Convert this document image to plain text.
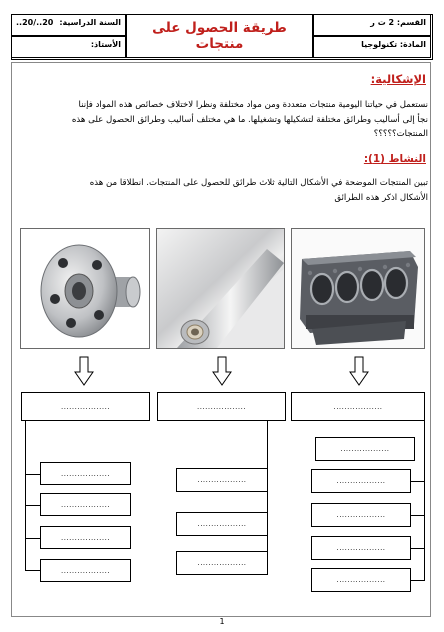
القسم: 2 ت ر
المادة: تكنولوجيا
طريقة الحصول على منتجات
السنة الدراسية:
..20/..20
الأستاذ:
الإشكالية:
نستعمل في حياتنا اليومية منتجات متعددة ومن مواد مختلفة ونظرا لاختلاف خصائص هذه المواد فإننا
نجأ إلى أساليب وطرائق مختلفة لتشكيلها وتشغيلها. ما هي مختلف أساليب وطرائق الحصول على هذه
المنتجات؟؟؟؟؟
النشاط (1):
تبين المنتجات الموضحة في الأشكال التالية ثلاث طرائق للحصول على المنتجات. انطلاقا من هذه
الأشكال اذكر هذه الطرائق
..................	..................	..................
..................
..................
..................
..................
..................
..................
..................
..................
..................
..................
..................
..................
1
